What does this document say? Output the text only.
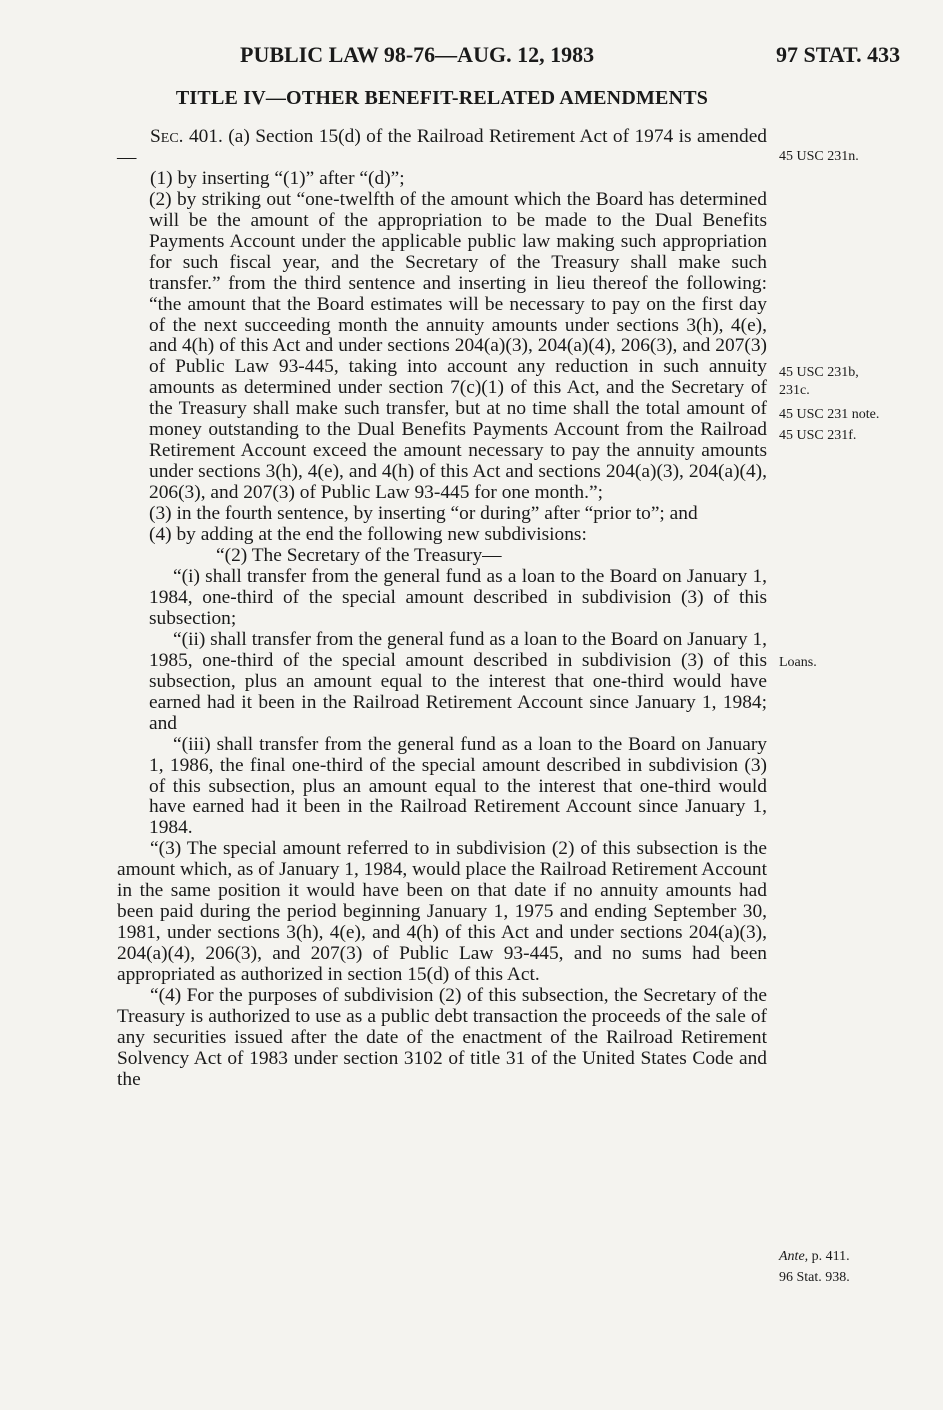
PUBLIC LAW 98-76—AUG. 12, 1983	97 STAT. 433

TITLE IV—OTHER BENEFIT-RELATED AMENDMENTS

Sec. 401. (a) Section 15(d) of the Railroad Retirement Act of 1974 is amended—

(1) by inserting “(1)” after “(d)”;

(2) by striking out “one-twelfth of the amount which the Board has determined will be the amount of the appropriation to be made to the Dual Benefits Payments Account under the applicable public law making such appropriation for such fiscal year, and the Secretary of the Treasury shall make such transfer.” from the third sentence and inserting in lieu thereof the following: “the amount that the Board estimates will be necessary to pay on the first day of the next succeeding month the annuity amounts under sections 3(h), 4(e), and 4(h) of this Act and under sections 204(a)(3), 204(a)(4), 206(3), and 207(3) of Public Law 93-445, taking into account any reduction in such annuity amounts as determined under section 7(c)(1) of this Act, and the Secretary of the Treasury shall make such transfer, but at no time shall the total amount of money outstanding to the Dual Benefits Payments Account from the Railroad Retirement Account exceed the amount necessary to pay the annuity amounts under sections 3(h), 4(e), and 4(h) of this Act and sections 204(a)(3), 204(a)(4), 206(3), and 207(3) of Public Law 93-445 for one month.”;

(3) in the fourth sentence, by inserting “or during” after “prior to”; and

(4) by adding at the end the following new subdivisions:

“(2) The Secretary of the Treasury—

“(i) shall transfer from the general fund as a loan to the Board on January 1, 1984, one-third of the special amount described in subdivision (3) of this subsection;

“(ii) shall transfer from the general fund as a loan to the Board on January 1, 1985, one-third of the special amount described in subdivision (3) of this subsection, plus an amount equal to the interest that one-third would have earned had it been in the Railroad Retirement Account since January 1, 1984; and

“(iii) shall transfer from the general fund as a loan to the Board on January 1, 1986, the final one-third of the special amount described in subdivision (3) of this subsection, plus an amount equal to the interest that one-third would have earned had it been in the Railroad Retirement Account since January 1, 1984.

“(3) The special amount referred to in subdivision (2) of this subsection is the amount which, as of January 1, 1984, would place the Railroad Retirement Account in the same position it would have been on that date if no annuity amounts had been paid during the period beginning January 1, 1975 and ending September 30, 1981, under sections 3(h), 4(e), and 4(h) of this Act and under sections 204(a)(3), 204(a)(4), 206(3), and 207(3) of Public Law 93-445, and no sums had been appropriated as authorized in section 15(d) of this Act.

“(4) For the purposes of subdivision (2) of this subsection, the Secretary of the Treasury is authorized to use as a public debt transaction the proceeds of the sale of any securities issued after the date of the enactment of the Railroad Retirement Solvency Act of 1983 under section 3102 of title 31 of the United States Code and the

45 USC 231n.
45 USC 231b,
231c.
45 USC 231 note.
45 USC 231f.
Loans.
Ante, p. 411.
96 Stat. 938.
